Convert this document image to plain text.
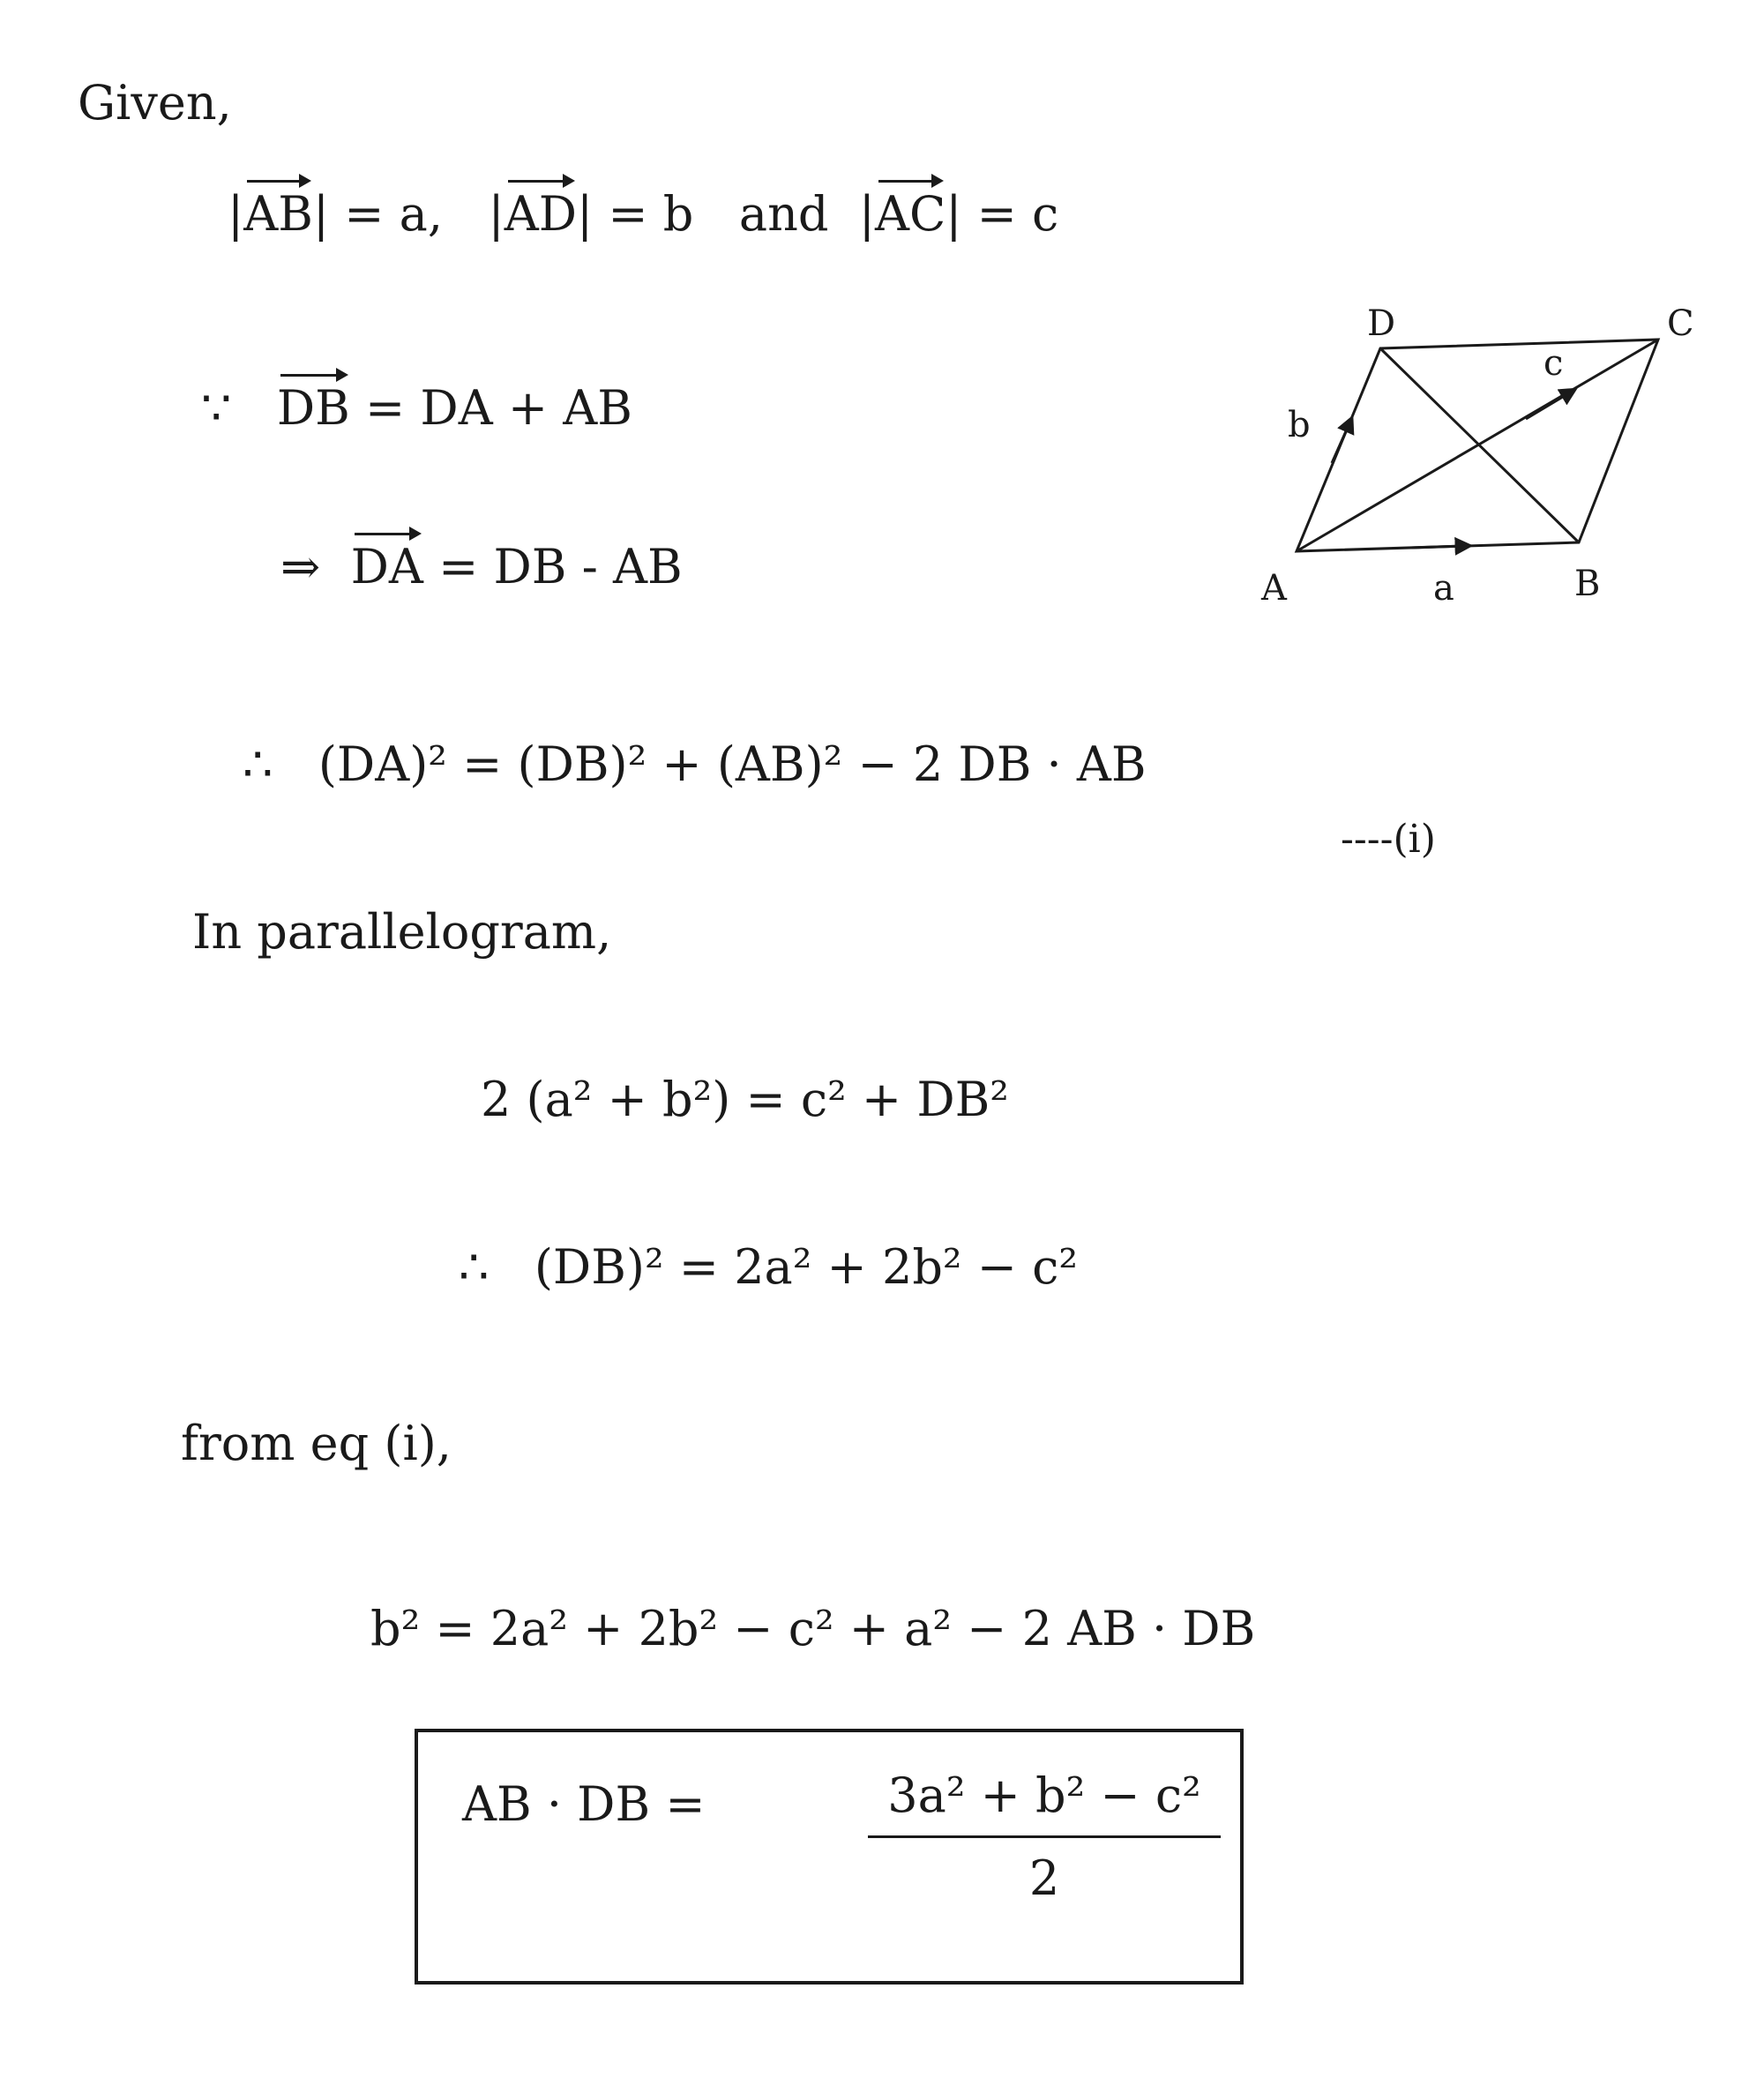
Given,
|AB| = a,   |AD| = b and  |AC| = c
∵ DB = DA + AB
⇒ DA = DB - AB	A	B
C
D
a
b
c
∴ (DA)² = (DB)² + (AB)² − 2 DB · AB
----(i)
In parallelogram,
2 (a² + b²) = c² + DB²
∴ (DB)² = 2a² + 2b² − c²
from eq (i),
b² = 2a² + 2b² − c² + a² − 2 AB · DB
AB · DB =	3a² + b² − c²
2
